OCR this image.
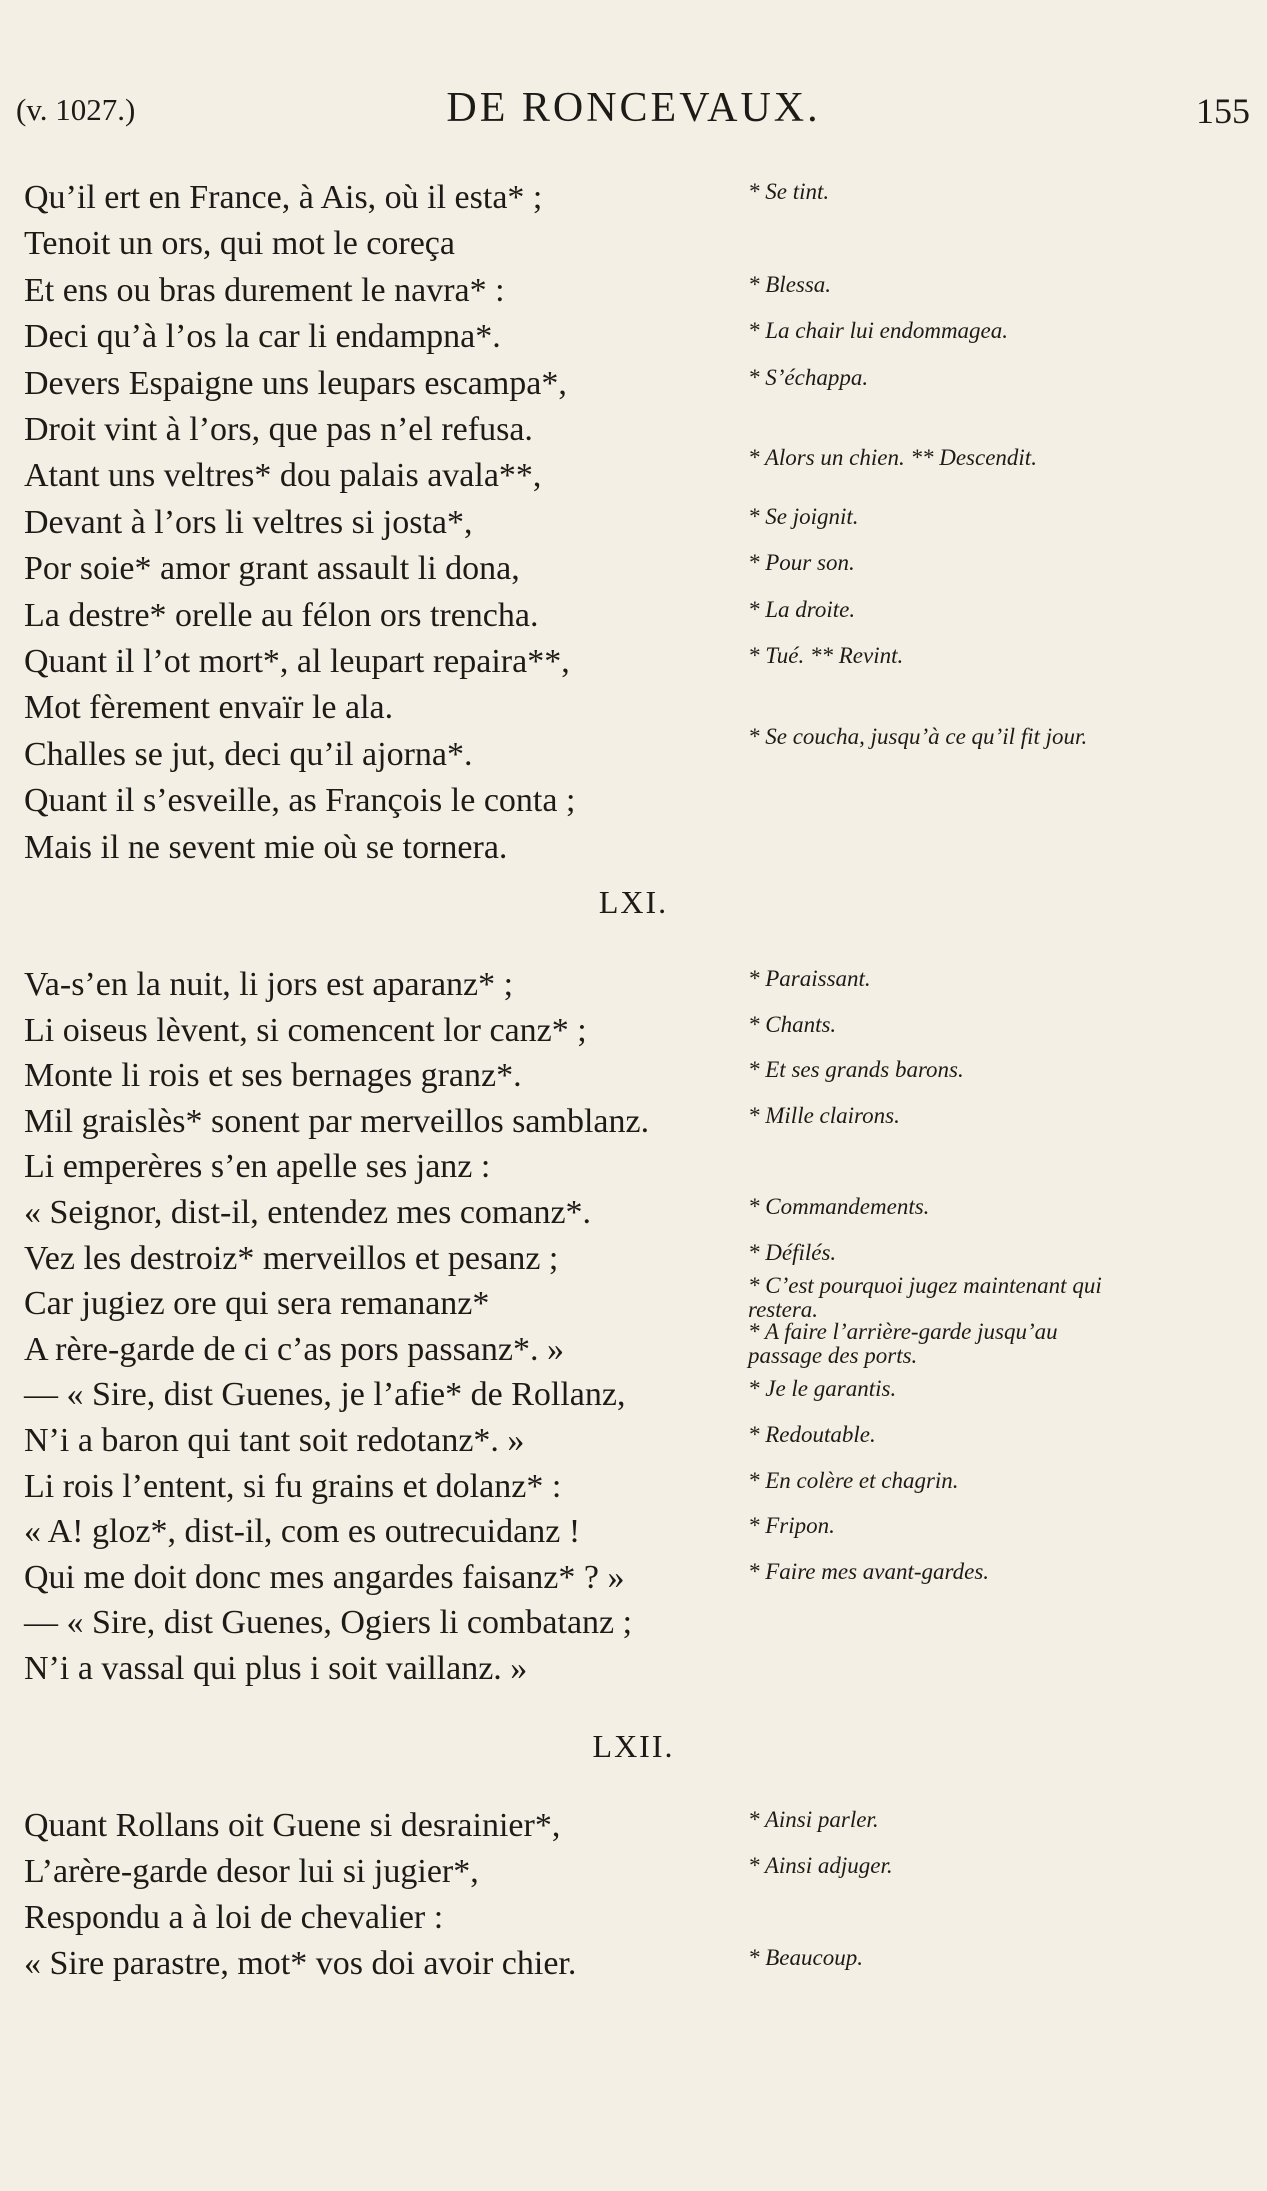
(v. 1027.)	DE RONCEVAUX.	155
Qu’il ert en France, à Ais, où il esta* ;	* Se tint.
Tenoit un ors, qui mot le coreça
Et ens ou bras durement le navra* :	* Blessa.
Deci qu’à l’os la car li endampna*.	* La chair lui endommagea.
Devers Espaigne uns leupars escampa*,	* S’échappa.
Droit vint à l’ors, que pas n’el refusa.
Atant uns veltres* dou palais avala**,	* Alors un chien. ** Descendit.
Devant à l’ors li veltres si josta*,	* Se joignit.
Por soie* amor grant assault li dona,	* Pour son.
La destre* orelle au félon ors trencha.	* La droite.
Quant il l’ot mort*, al leupart repaira**,	* Tué. ** Revint.
Mot fèrement envaïr le ala.
Challes se jut, deci qu’il ajorna*.	* Se coucha, jusqu’à ce qu’il fit jour.
Quant il s’esveille, as François le conta ;
Mais il ne sevent mie où se tornera.
LXI.
Va-s’en la nuit, li jors est aparanz* ;	* Paraissant.
Li oiseus lèvent, si comencent lor canz* ;	* Chants.
Monte li rois et ses bernages granz*.	* Et ses grands barons.
Mil graislès* sonent par merveillos samblanz.	* Mille clairons.
Li emperères s’en apelle ses janz :
« Seignor, dist-il, entendez mes comanz*.	* Commandements.
Vez les destroiz* merveillos et pesanz ;	* Défilés.
Car jugiez ore qui sera remananz*	* C’est pourquoi jugez maintenant qui restera.
A rère-garde de ci c’as pors passanz*. »	* A faire l’arrière-garde jusqu’au passage des ports.
— « Sire, dist Guenes, je l’afie* de Rollanz,	* Je le garantis.
N’i a baron qui tant soit redotanz*. »	* Redoutable.
Li rois l’entent, si fu grains et dolanz* :	* En colère et chagrin.
« A! gloz*, dist-il, com es outrecuidanz !	* Fripon.
Qui me doit donc mes angardes faisanz* ? »	* Faire mes avant-gardes.
— « Sire, dist Guenes, Ogiers li combatanz ;
N’i a vassal qui plus i soit vaillanz. »
LXII.
Quant Rollans oit Guene si desrainier*,	* Ainsi parler.
L’arère-garde desor lui si jugier*,	* Ainsi adjuger.
Respondu a à loi de chevalier :
« Sire parastre, mot* vos doi avoir chier.	* Beaucoup.
